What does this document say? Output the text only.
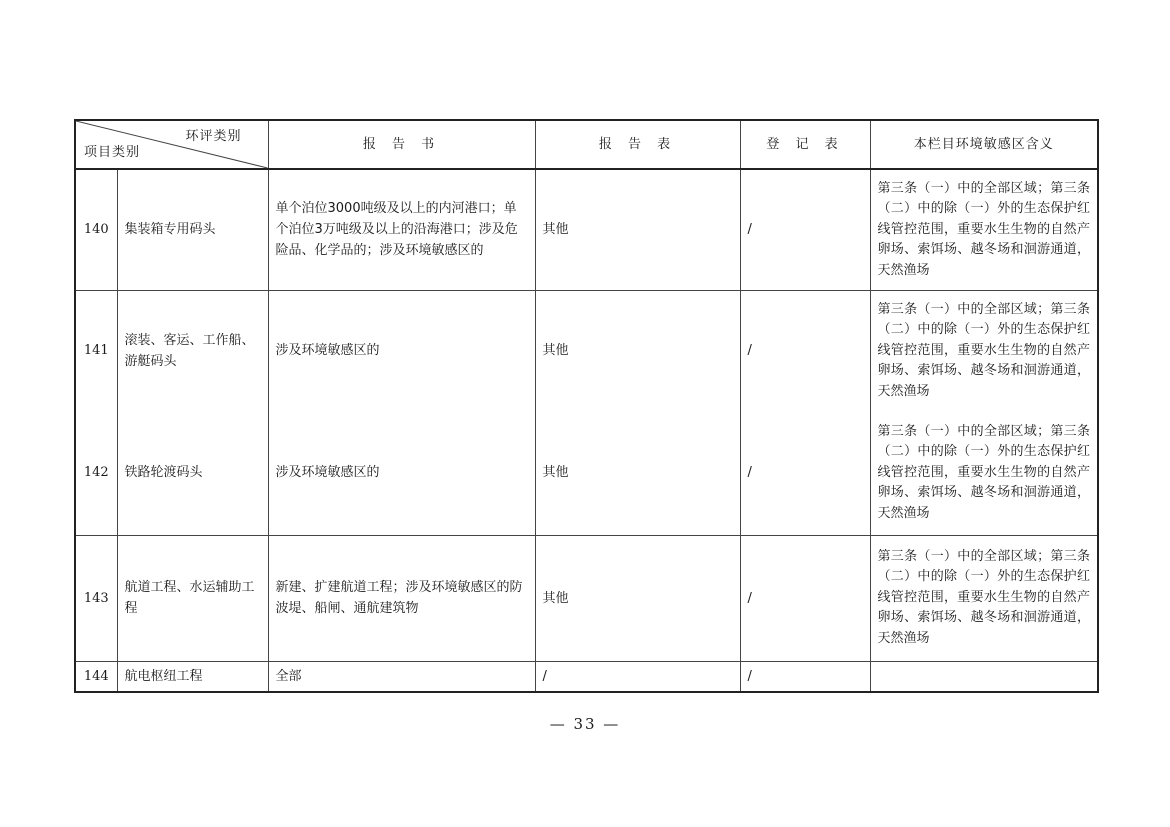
环评类别
项目类别		报 告 书	报 告 表	登 记 表	本栏目环境敏感区含义
140	集装箱专用码头	单个泊位3000吨级及以上的内河港口；单个泊位3万吨级及以上的沿海港口；涉及危险品、化学品的；涉及环境敏感区的	其他	/	第三条（一）中的全部区域；第三条（二）中的除（一）外的生态保护红线管控范围，重要水生生物的自然产卵场、索饵场、越冬场和洄游通道，天然渔场
141	滚装、客运、工作船、游艇码头	涉及环境敏感区的	其他	/	第三条（一）中的全部区域；第三条（二）中的除（一）外的生态保护红线管控范围，重要水生生物的自然产卵场、索饵场、越冬场和洄游通道，天然渔场
142	铁路轮渡码头	涉及环境敏感区的	其他	/	第三条（一）中的全部区域；第三条（二）中的除（一）外的生态保护红线管控范围，重要水生生物的自然产卵场、索饵场、越冬场和洄游通道，天然渔场
143	航道工程、水运辅助工程	新建、扩建航道工程；涉及环境敏感区的防波堤、船闸、通航建筑物	其他	/	第三条（一）中的全部区域；第三条（二）中的除（一）外的生态保护红线管控范围，重要水生生物的自然产卵场、索饵场、越冬场和洄游通道，天然渔场
144	航电枢纽工程	全部	/	/	
— 33 —
